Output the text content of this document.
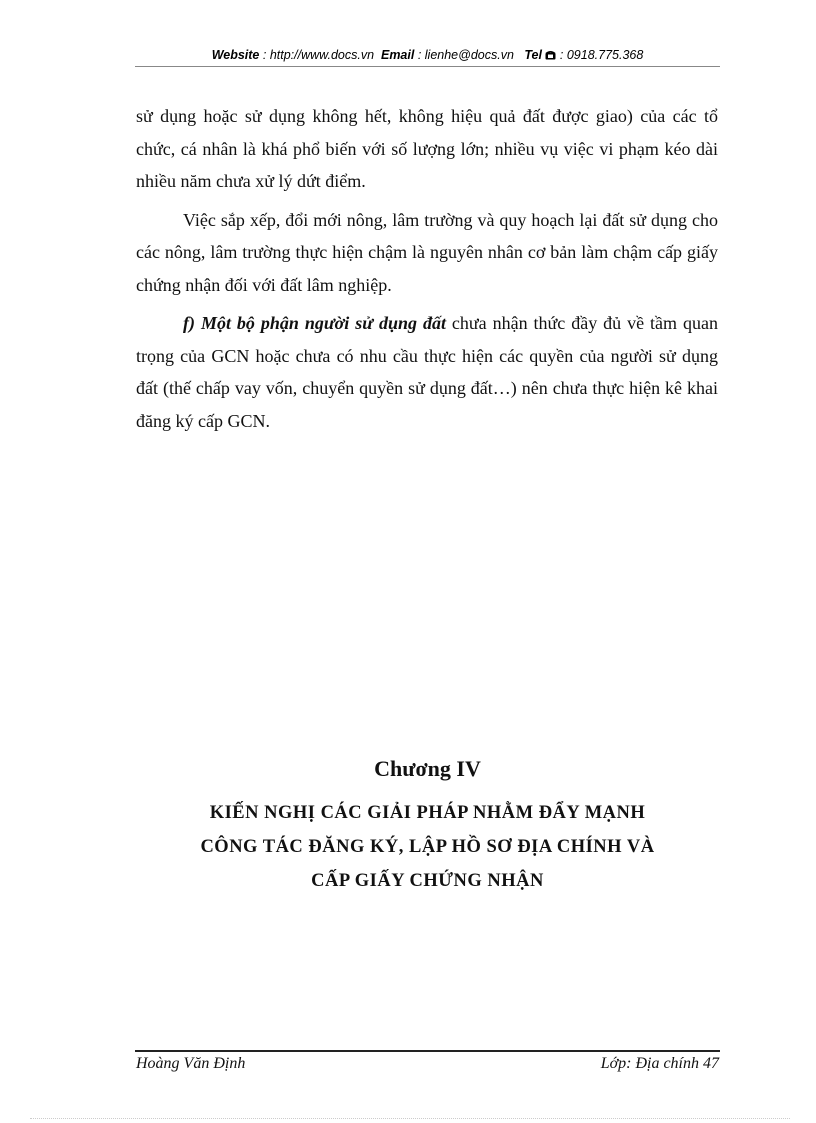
Website : http://www.docs.vn Email : lienhe@docs.vn Tel  : 0918.775.368

sử dụng hoặc sử dụng không hết, không hiệu quả đất được giao) của các tổ chức, cá nhân là khá phổ biến với số lượng lớn; nhiều vụ việc vi phạm kéo dài nhiều năm chưa xử lý dứt điểm.

Việc sắp xếp, đổi mới nông, lâm trường và quy hoạch lại đất sử dụng cho các nông, lâm trường thực hiện chậm là nguyên nhân cơ bản làm chậm cấp giấy chứng nhận đối với đất lâm nghiệp.

f) Một bộ phận người sử dụng đất chưa nhận thức đầy đủ về tầm quan trọng của GCN hoặc chưa có nhu cầu thực hiện các quyền của người sử dụng đất (thế chấp vay vốn, chuyển quyền sử dụng đất…) nên chưa thực hiện kê khai đăng ký cấp GCN.

Chương IV
KIẾN NGHỊ CÁC GIẢI PHÁP NHẰM ĐẨY MẠNH
CÔNG TÁC ĐĂNG KÝ, LẬP HỒ SƠ ĐỊA CHÍNH VÀ
CẤP GIẤY CHỨNG NHẬN
Hoàng Văn Định	Lớp: Địa chính 47
